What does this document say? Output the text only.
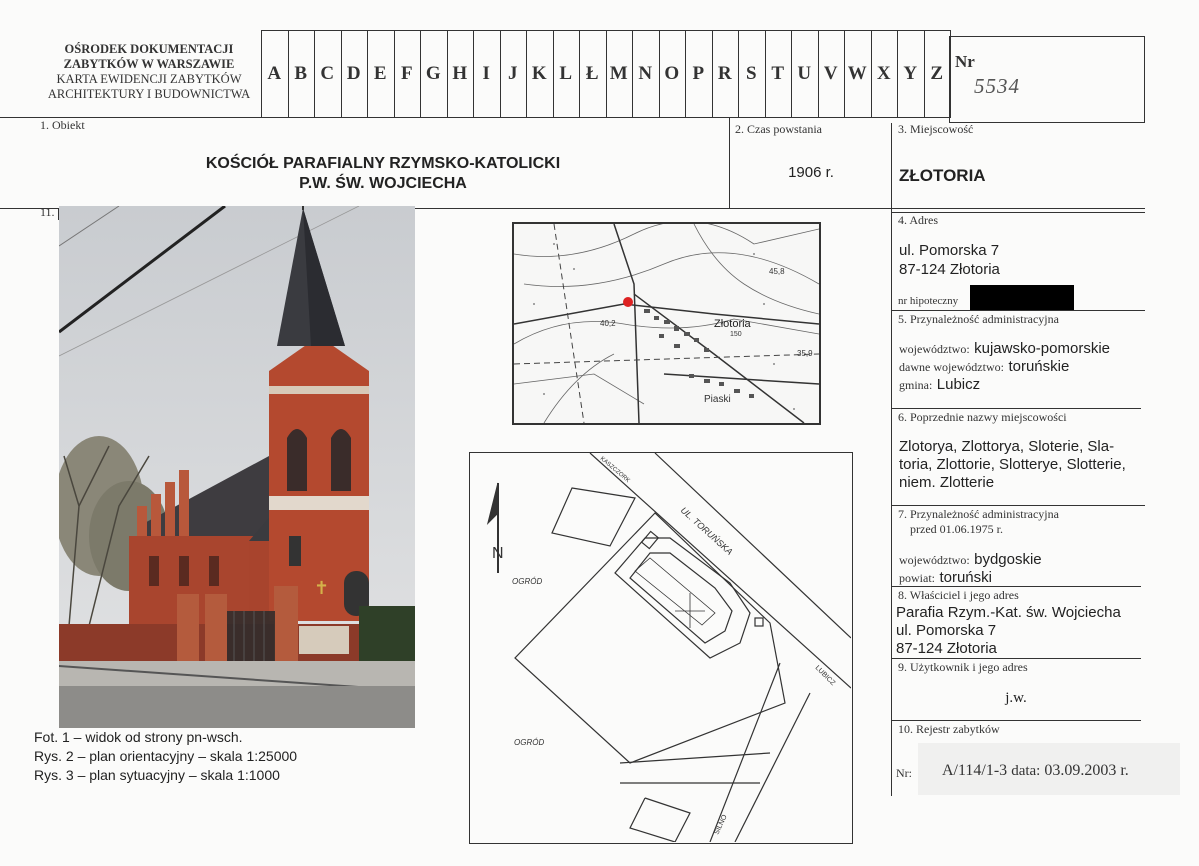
OŚRODEK DOKUMENTACJI
ZABYTKÓW W WARSZAWIE
KARTA EWIDENCJI ZABYTKÓW
ARCHITEKTURY I BUDOWNICTWA
A B C D E F G H I J K L Ł M N O P R S T U V W X Y Z
Nr
5534
1. Obiekt
KOŚCIÓŁ PARAFIALNY RZYMSKO-KATOLICKI
P.W. ŚW. WOJCIECHA
2. Czas powstania
1906 r.
3. Miejscowość
ZŁOTORIA
11.
✝
Fot. 1 – widok od strony pn-wsch.
Rys. 2 – plan orientacyjny – skala 1:25000
Rys. 3 – plan sytuacyjny – skala 1:1000
Złotoria
Piaski
45,8
40,2
150
35,9
N
OGRÓD
OGRÓD
UL. TORUŃSKA
KASZCZORK
LUBICZ
SILNO
4. Adres
ul. Pomorska 7
87-124 Złotoria
nr hipoteczny
5. Przynależność administracyjna
województwo: kujawsko-pomorskie
dawne województwo: toruńskie
gmina: Lubicz
6. Poprzednie nazwy miejscowości
Zlotorya, Zlottorya, Sloterie, Sla-
toria, Zlottorie, Slotterye, Slotterie,
niem. Zlotterie
7. Przynależność administracyjna
przed 01.06.1975 r.
województwo: bydgoskie
powiat: toruński
8. Właściciel i jego adres
Parafia Rzym.-Kat. św. Wojciecha
ul. Pomorska 7
87-124 Złotoria
9. Użytkownik i jego adres
j.w.
10. Rejestr zabytków
Nr: A/114/1-3 data: 03.09.2003 r.
